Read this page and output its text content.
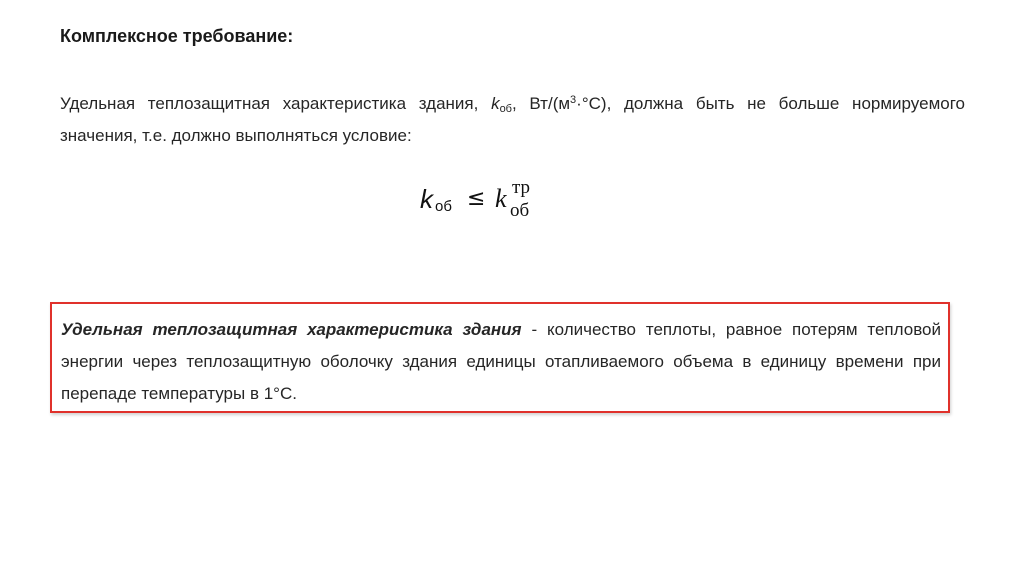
Комплексное требование:
Удельная теплозащитная характеристика здания, $k_{об}$, $Вт/(м^3\cdot^\circ С)$, должна быть не больше нормируемого значения, т.е. должно выполняться условие:
k об ≤ k тр
об
Удельная теплозащитная характеристика здания - количество теплоты, равное потерям тепловой энергии через теплозащитную оболочку здания единицы отапливаемого объема в единицу времени при перепаде температуры в 1°С.
